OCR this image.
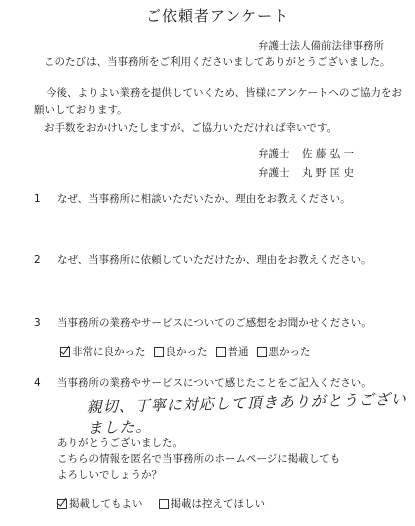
ご依頼者アンケート
弁護士法人備前法律事務所
このたびは、当事務所をご利用くださいましてありがとうございました。
今後、よりよい業務を提供していくため、皆様にアンケートへのご協力をお
願いしております。
お手数をおかけいたしますが、ご協力いただければ幸いです。
弁護士 佐 藤 弘 一
弁護士 丸 野 匡 史
1 なぜ、当事務所に相談いただいたか、理由をお教えください。
2 なぜ、当事務所に依頼していただけたか、理由をお教えください。
3 当事務所の業務やサービスについてのご感想をお聞かせください。
非常に良かった 良かった 普通 悪かった
4 当事務所の業務やサービスについて感じたことをご記入ください。
親切、丁寧に対応して頂きありがとうございました。
ありがとうございました。
こちらの情報を匿名で当事務所のホームページに掲載しても
よろしいでしょうか？
掲載してもよい	掲載は控えてほしい
